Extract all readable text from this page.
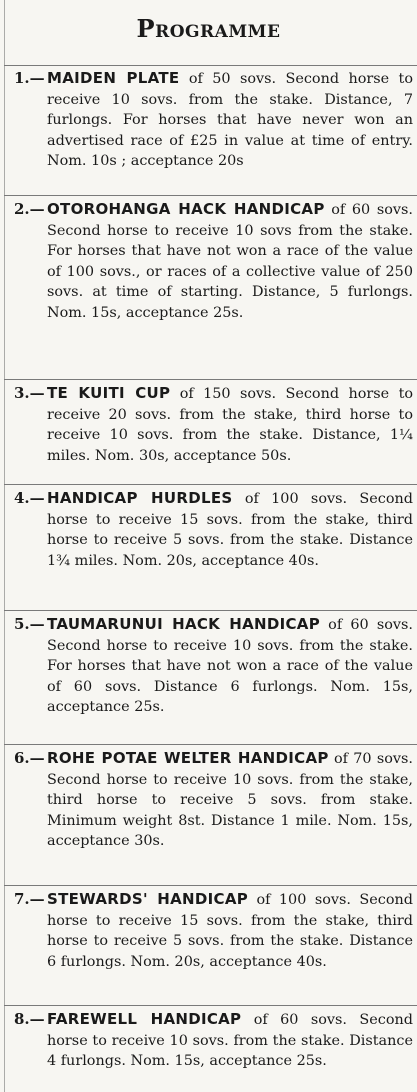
Programme
1.— MAIDEN PLATE of 50 sovs. Second horse to receive 10 sovs. from the stake. Distance, 7 furlongs. For horses that have never won an advertised race of £25 in value at time of entry. Nom. 10s ; acceptance 20s
2.— OTOROHANGA HACK HANDICAP of 60 sovs. Second horse to receive 10 sovs from the stake. For horses that have not won a race of the value of 100 sovs., or races of a collective value of 250 sovs. at time of starting. Distance, 5 furlongs. Nom. 15s, acceptance 25s.
3.— TE KUITI CUP of 150 sovs. Second horse to receive 20 sovs. from the stake, third horse to receive 10 sovs. from the stake. Distance, 1¼ miles. Nom. 30s, acceptance 50s.
4.— HANDICAP HURDLES of 100 sovs. Second horse to receive 15 sovs. from the stake, third horse to receive 5 sovs. from the stake. Distance 1¾ miles. Nom. 20s, acceptance 40s.
5.— TAUMARUNUI HACK HANDICAP of 60 sovs. Second horse to receive 10 sovs. from the stake. For horses that have not won a race of the value of 60 sovs. Distance 6 furlongs. Nom. 15s, acceptance 25s.
6.— ROHE POTAE WELTER HANDICAP of 70 sovs. Second horse to receive 10 sovs. from the stake, third horse to receive 5 sovs. from stake. Minimum weight 8st. Distance 1 mile. Nom. 15s, acceptance 30s.
7.— STEWARDS' HANDICAP of 100 sovs. Second horse to receive 15 sovs. from the stake, third horse to receive 5 sovs. from the stake. Distance 6 furlongs. Nom. 20s, acceptance 40s.
8.— FAREWELL HANDICAP of 60 sovs. Second horse to receive 10 sovs. from the stake. Distance 4 furlongs. Nom. 15s, acceptance 25s.
